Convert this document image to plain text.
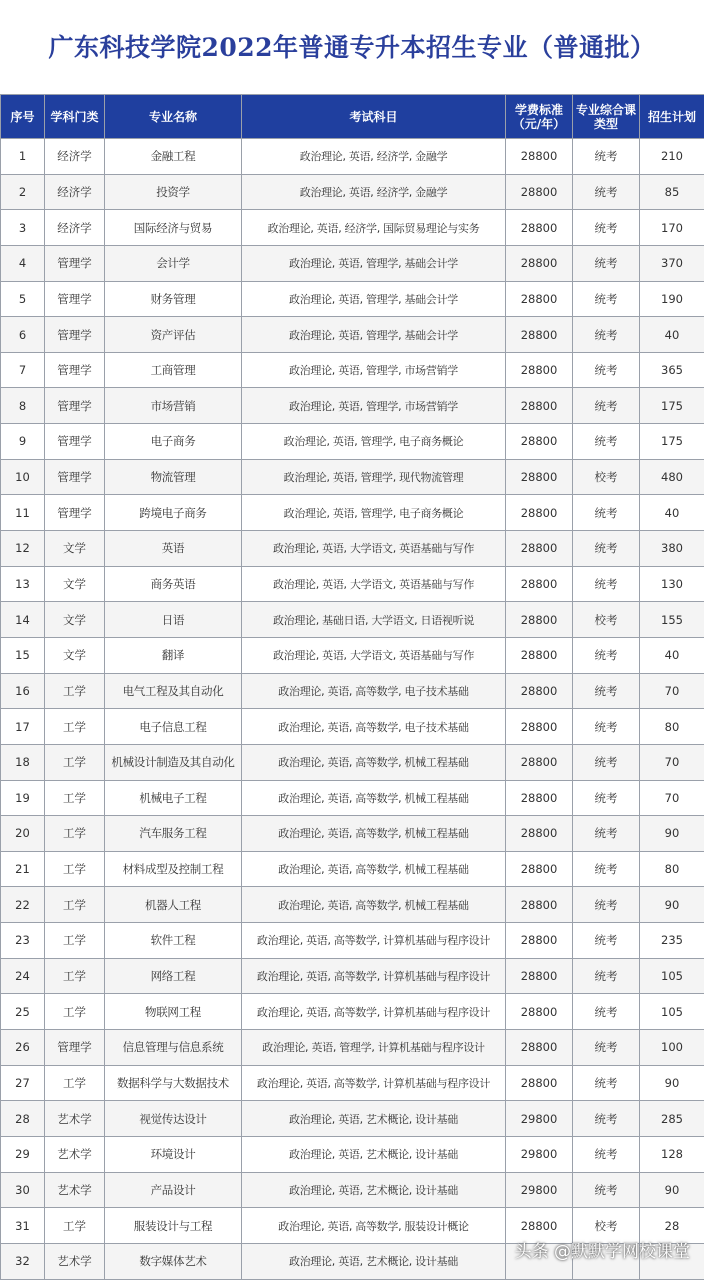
广东科技学院2022年普通专升本招生专业（普通批）
序号	学科门类	专业名称	考试科目	学费标准（元/年）	专业综合课类型	招生计划
1	经济学	金融工程	政治理论, 英语, 经济学, 金融学	28800	统考	210
2	经济学	投资学	政治理论, 英语, 经济学, 金融学	28800	统考	85
3	经济学	国际经济与贸易	政治理论, 英语, 经济学, 国际贸易理论与实务	28800	统考	170
4	管理学	会计学	政治理论, 英语, 管理学, 基础会计学	28800	统考	370
5	管理学	财务管理	政治理论, 英语, 管理学, 基础会计学	28800	统考	190
6	管理学	资产评估	政治理论, 英语, 管理学, 基础会计学	28800	统考	40
7	管理学	工商管理	政治理论, 英语, 管理学, 市场营销学	28800	统考	365
8	管理学	市场营销	政治理论, 英语, 管理学, 市场营销学	28800	统考	175
9	管理学	电子商务	政治理论, 英语, 管理学, 电子商务概论	28800	统考	175
10	管理学	物流管理	政治理论, 英语, 管理学, 现代物流管理	28800	校考	480
11	管理学	跨境电子商务	政治理论, 英语, 管理学, 电子商务概论	28800	统考	40
12	文学	英语	政治理论, 英语, 大学语文, 英语基础与写作	28800	统考	380
13	文学	商务英语	政治理论, 英语, 大学语文, 英语基础与写作	28800	统考	130
14	文学	日语	政治理论, 基础日语, 大学语文, 日语视听说	28800	校考	155
15	文学	翻译	政治理论, 英语, 大学语文, 英语基础与写作	28800	统考	40
16	工学	电气工程及其自动化	政治理论, 英语, 高等数学, 电子技术基础	28800	统考	70
17	工学	电子信息工程	政治理论, 英语, 高等数学, 电子技术基础	28800	统考	80
18	工学	机械设计制造及其自动化	政治理论, 英语, 高等数学, 机械工程基础	28800	统考	70
19	工学	机械电子工程	政治理论, 英语, 高等数学, 机械工程基础	28800	统考	70
20	工学	汽车服务工程	政治理论, 英语, 高等数学, 机械工程基础	28800	统考	90
21	工学	材料成型及控制工程	政治理论, 英语, 高等数学, 机械工程基础	28800	统考	80
22	工学	机器人工程	政治理论, 英语, 高等数学, 机械工程基础	28800	统考	90
23	工学	软件工程	政治理论, 英语, 高等数学, 计算机基础与程序设计	28800	统考	235
24	工学	网络工程	政治理论, 英语, 高等数学, 计算机基础与程序设计	28800	统考	105
25	工学	物联网工程	政治理论, 英语, 高等数学, 计算机基础与程序设计	28800	统考	105
26	管理学	信息管理与信息系统	政治理论, 英语, 管理学, 计算机基础与程序设计	28800	统考	100
27	工学	数据科学与大数据技术	政治理论, 英语, 高等数学, 计算机基础与程序设计	28800	统考	90
28	艺术学	视觉传达设计	政治理论, 英语, 艺术概论, 设计基础	29800	统考	285
29	艺术学	环境设计	政治理论, 英语, 艺术概论, 设计基础	29800	统考	128
30	艺术学	产品设计	政治理论, 英语, 艺术概论, 设计基础	29800	统考	90
31	工学	服装设计与工程	政治理论, 英语, 高等数学, 服装设计概论	28800	校考	28
32	艺术学	数字媒体艺术	政治理论, 英语, 艺术概论, 设计基础				头条 @默默学网校课堂
